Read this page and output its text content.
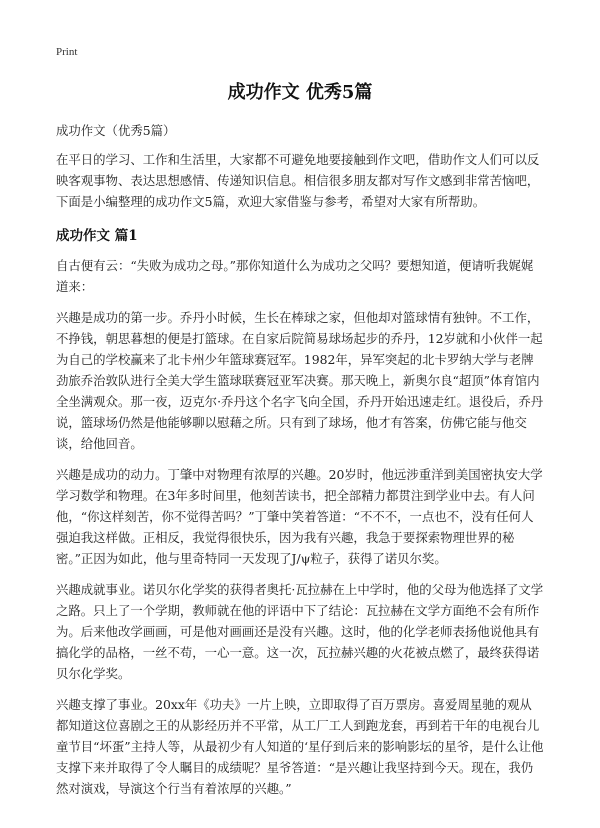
Print
成功作文 优秀5篇

成功作文（优秀5篇）

在平日的学习、工作和生活里，大家都不可避免地要接触到作文吧，借助作文人们可以反映客观事物、表达思想感情、传递知识信息。相信很多朋友都对写作文感到非常苦恼吧，下面是小编整理的成功作文5篇，欢迎大家借鉴与参考，希望对大家有所帮助。

成功作文 篇1

自古便有云：“失败为成功之母。”那你知道什么为成功之父吗？要想知道，便请听我娓娓道来：

兴趣是成功的第一步。乔丹小时候，生长在棒球之家，但他却对篮球情有独钟。不工作，不挣钱，朝思暮想的便是打篮球。在自家后院简易球场起步的乔丹，12岁就和小伙伴一起为自己的学校赢来了北卡州少年篮球赛冠军。1982年，异军突起的北卡罗纳大学与老牌劲旅乔治敦队进行全美大学生篮球联赛冠亚军决赛。那天晚上，新奥尔良“超顶”体育馆内全坐满观众。那一夜，迈克尔·乔丹这个名字飞向全国，乔丹开始迅速走红。退役后，乔丹说，篮球场仍然是他能够聊以慰藉之所。只有到了球场，他才有答案，仿佛它能与他交谈，给他回音。

兴趣是成功的动力。丁肇中对物理有浓厚的兴趣。20岁时，他远涉重洋到美国密执安大学学习数学和物理。在3年多时间里，他刻苦读书，把全部精力都贯注到学业中去。有人问他，“你这样刻苦，你不觉得苦吗？”丁肇中笑着答道：“不不不，一点也不，没有任何人强迫我这样做。正相反，我觉得很快乐，因为我有兴趣，我急于要探索物理世界的秘密。”正因为如此，他与里奇特同一天发现了J/ψ粒子，获得了诺贝尔奖。

兴趣成就事业。诺贝尔化学奖的获得者奥托·瓦拉赫在上中学时，他的父母为他选择了文学之路。只上了一个学期，教师就在他的评语中下了结论：瓦拉赫在文学方面绝不会有所作为。后来他改学画画，可是他对画画还是没有兴趣。这时，他的化学老师表扬他说他具有搞化学的品格，一丝不苟，一心一意。这一次，瓦拉赫兴趣的火花被点燃了，最终获得诺贝尔化学奖。

兴趣支撑了事业。20xx年《功夫》一片上映，立即取得了百万票房。喜爱周星驰的观从都知道这位喜剧之王的从影经历并不平常，从工厂工人到跑龙套，再到若干年的电视台儿童节目“坏蛋”主持人等，从最初少有人知道的‘星仔到后来的影响影坛的星爷，是什么让他支撑下来并取得了令人瞩目的成绩呢？星爷答道：“是兴趣让我坚持到今天。现在，我仍然对演戏，导演这个行当有着浓厚的兴趣。”
